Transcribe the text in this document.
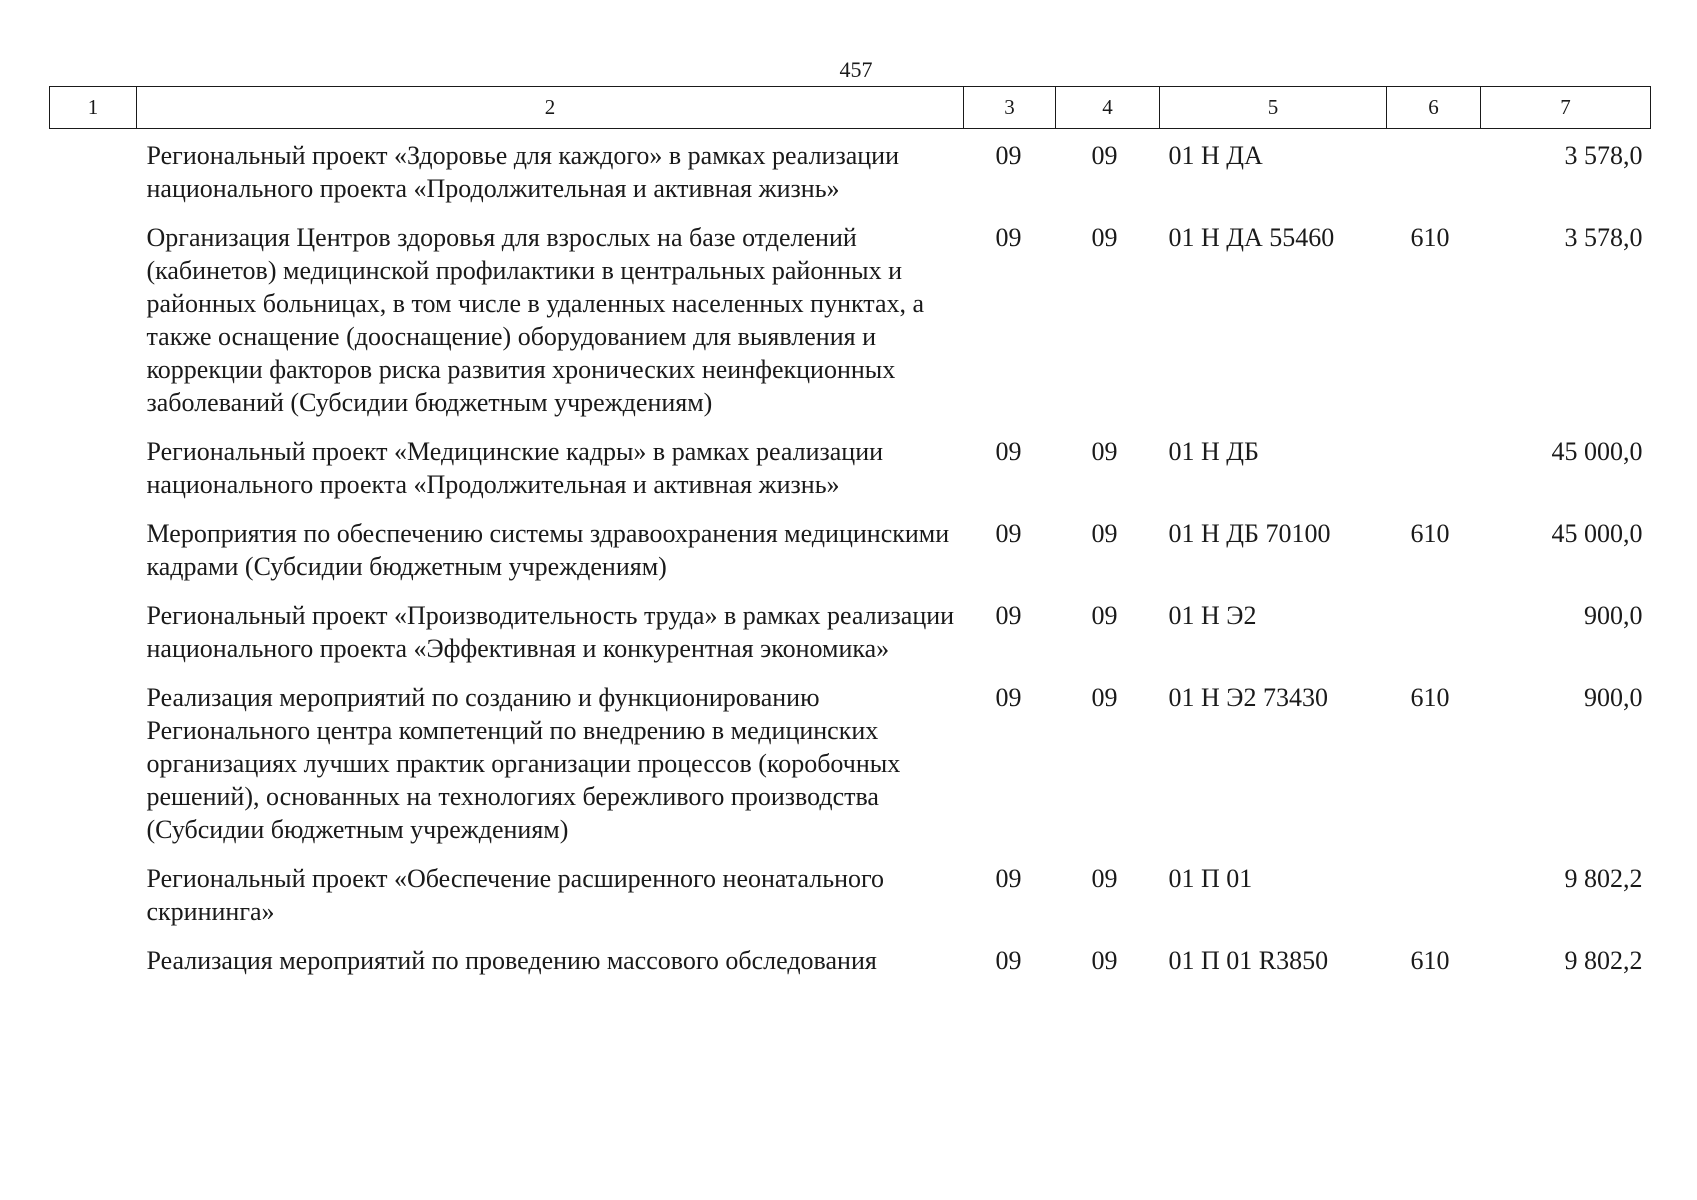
457
1	2	3	4	5	6	7
	Региональный проект «Здоровье для каждого» в рамках реализации национального проекта «Продолжительная и активная жизнь»	09	09	01 Н ДА		3 578,0
	Организация Центров здоровья для взрослых на базе отделений (кабинетов) медицинской профилактики в центральных районных и районных больницах, в том числе в удаленных населенных пунктах, а также оснащение (дооснащение) оборудованием для выявления и коррекции факторов риска развития хронических неинфекционных заболеваний (Субсидии бюджетным учреждениям)	09	09	01 Н ДА 55460	610	3 578,0
	Региональный проект «Медицинские кадры» в рамках реализации национального проекта «Продолжительная и активная жизнь»	09	09	01 Н ДБ		45 000,0
	Мероприятия по обеспечению системы здравоохранения медицинскими кадрами (Субсидии бюджетным учреждениям)	09	09	01 Н ДБ 70100	610	45 000,0
	Региональный проект «Производительность труда» в рамках реализации национального проекта «Эффективная и конкурентная экономика»	09	09	01 Н Э2		900,0
	Реализация мероприятий по созданию и функционированию Регионального центра компетенций по внедрению в медицинских организациях лучших практик организации процессов (коробочных решений), основанных на технологиях бережливого производства (Субсидии бюджетным учреждениям)	09	09	01 Н Э2 73430	610	900,0
	Региональный проект «Обеспечение расширенного неонатального скрининга»	09	09	01 П 01		9 802,2
	Реализация мероприятий по проведению массового обследования	09	09	01 П 01 R3850	610	9 802,2
